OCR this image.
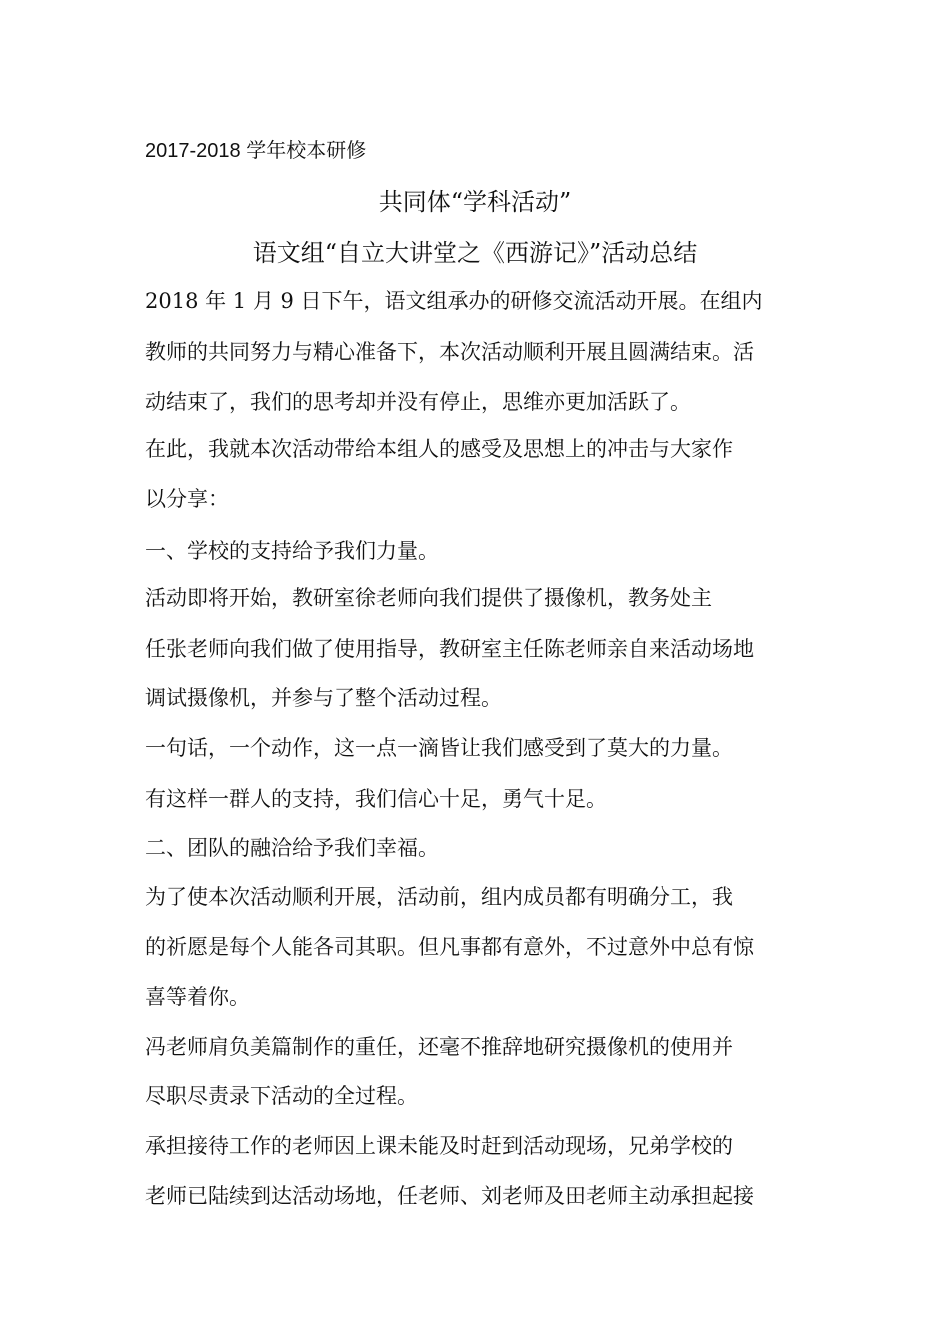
2017-2018 学年校本研修
共同体“学科活动”
语文组“自立大讲堂之《西游记》”活动总结
2018 年 1 月 9 日下午，语文组承办的研修交流活动开展。在组内
教师的共同努力与精心准备下，本次活动顺利开展且圆满结束。活
动结束了，我们的思考却并没有停止，思维亦更加活跃了。
在此，我就本次活动带给本组人的感受及思想上的冲击与大家作
以分享：
一、学校的支持给予我们力量。
活动即将开始，教研室徐老师向我们提供了摄像机，教务处主
任张老师向我们做了使用指导，教研室主任陈老师亲自来活动场地
调试摄像机，并参与了整个活动过程。
一句话，一个动作，这一点一滴皆让我们感受到了莫大的力量。
有这样一群人的支持，我们信心十足，勇气十足。
二、团队的融洽给予我们幸福。
为了使本次活动顺利开展，活动前，组内成员都有明确分工，我
的祈愿是每个人能各司其职。但凡事都有意外，不过意外中总有惊
喜等着你。
冯老师肩负美篇制作的重任，还毫不推辞地研究摄像机的使用并
尽职尽责录下活动的全过程。
承担接待工作的老师因上课未能及时赶到活动现场，兄弟学校的
老师已陆续到达活动场地，任老师、刘老师及田老师主动承担起接
